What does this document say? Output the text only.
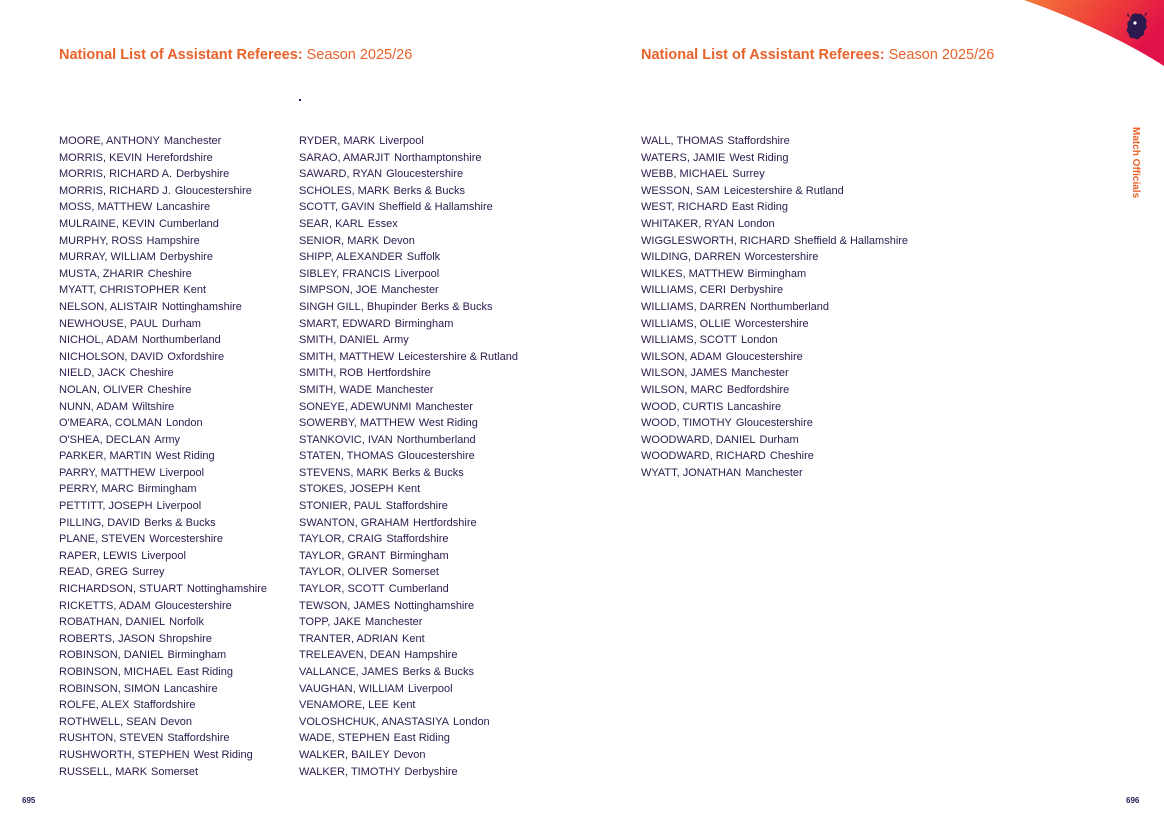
National List of Assistant Referees: Season 2025/26	National List of Assistant Referees: Season 2025/26
MOORE, ANTHONY Manchester
MORRIS, KEVIN Herefordshire
MORRIS, RICHARD A. Derbyshire
MORRIS, RICHARD J. Gloucestershire
MOSS, MATTHEW Lancashire
MULRAINE, KEVIN Cumberland
MURPHY, ROSS Hampshire
MURRAY, WILLIAM Derbyshire
MUSTA, ZHARIR Cheshire
MYATT, CHRISTOPHER Kent
NELSON, ALISTAIR Nottinghamshire
NEWHOUSE, PAUL Durham
NICHOL, ADAM Northumberland
NICHOLSON, DAVID Oxfordshire
NIELD, JACK Cheshire
NOLAN, OLIVER Cheshire
NUNN, ADAM Wiltshire
O'MEARA, COLMAN London
O'SHEA, DECLAN Army
PARKER, MARTIN West Riding
PARRY, MATTHEW Liverpool
PERRY, MARC Birmingham
PETTITT, JOSEPH Liverpool
PILLING, DAVID Berks & Bucks
PLANE, STEVEN Worcestershire
RAPER, LEWIS Liverpool
READ, GREG Surrey
RICHARDSON, STUART Nottinghamshire
RICKETTS, ADAM Gloucestershire
ROBATHAN, DANIEL Norfolk
ROBERTS, JASON Shropshire
ROBINSON, DANIEL Birmingham
ROBINSON, MICHAEL East Riding
ROBINSON, SIMON Lancashire
ROLFE, ALEX Staffordshire
ROTHWELL, SEAN Devon
RUSHTON, STEVEN Staffordshire
RUSHWORTH, STEPHEN West Riding
RUSSELL, MARK Somerset
RYDER, MARK Liverpool
SARAO, AMARJIT Northamptonshire
SAWARD, RYAN Gloucestershire
SCHOLES, MARK Berks & Bucks
SCOTT, GAVIN Sheffield & Hallamshire
SEAR, KARL Essex
SENIOR, MARK Devon
SHIPP, ALEXANDER Suffolk
SIBLEY, FRANCIS Liverpool
SIMPSON, JOE Manchester
SINGH GILL, Bhupinder Berks & Bucks
SMART, EDWARD Birmingham
SMITH, DANIEL Army
SMITH, MATTHEW Leicestershire & Rutland
SMITH, ROB Hertfordshire
SMITH, WADE Manchester
SONEYE, ADEWUNMI Manchester
SOWERBY, MATTHEW West Riding
STANKOVIC, IVAN Northumberland
STATEN, THOMAS Gloucestershire
STEVENS, MARK Berks & Bucks
STOKES, JOSEPH Kent
STONIER, PAUL Staffordshire
SWANTON, GRAHAM Hertfordshire
TAYLOR, CRAIG Staffordshire
TAYLOR, GRANT Birmingham
TAYLOR, OLIVER Somerset
TAYLOR, SCOTT Cumberland
TEWSON, JAMES Nottinghamshire
TOPP, JAKE Manchester
TRANTER, ADRIAN Kent
TRELEAVEN, DEAN Hampshire
VALLANCE, JAMES Berks & Bucks
VAUGHAN, WILLIAM Liverpool
VENAMORE, LEE Kent
VOLOSHCHUK, ANASTASIYA London
WADE, STEPHEN East Riding
WALKER, BAILEY Devon
WALKER, TIMOTHY Derbyshire
WALL, THOMAS Staffordshire
WATERS, JAMIE West Riding
WEBB, MICHAEL Surrey
WESSON, SAM Leicestershire & Rutland
WEST, RICHARD East Riding
WHITAKER, RYAN London
WIGGLESWORTH, RICHARD Sheffield & Hallamshire
WILDING, DARREN Worcestershire
WILKES, MATTHEW Birmingham
WILLIAMS, CERI Derbyshire
WILLIAMS, DARREN Northumberland
WILLIAMS, OLLIE Worcestershire
WILLIAMS, SCOTT London
WILSON, ADAM Gloucestershire
WILSON, JAMES Manchester
WILSON, MARC Bedfordshire
WOOD, CURTIS Lancashire
WOOD, TIMOTHY Gloucestershire
WOODWARD, DANIEL Durham
WOODWARD, RICHARD Cheshire
WYATT, JONATHAN Manchester
Match Officials
695	696
